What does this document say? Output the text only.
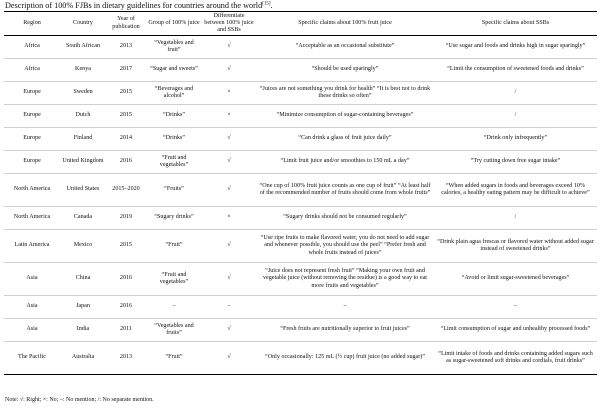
Description of 100% FJBs in dietary guidelines for countries around the world[15].
Region	Country	Year of publication	Group of 100% juice	Differentiate between 100% juice and SSBs	Specific claims about 100% fruit juice	Specific claims about SSBs
Africa	South African	2013	“Vegetables and fruit”	√	“Acceptable as an occasional substitute”	“Use sugar and foods and drinks high in sugar sparingly”
Africa	Kenya	2017	“Sugar and sweets”	√	“Should be used sparingly”	“Limit the consumption of sweetened foods and drinks”
Europe	Sweden	2015	“Beverages and alcohol”	×	“Juices are not something you drink for health” “It is best not to drink these drinks so often”	/
Europe	Dutch	2015	“Drinks”	×	“Minimize consumption of sugar-containing beverages”	/
Europe	Finland	2014	“Drinks”	√	“Can drink a glass of fruit juice daily”	“Drink only infrequently”
Europe	United Kingdom	2016	“Fruit and vegetables”	√	“Limit fruit juice and/or smoothies to 150 mL a day”	“Try cutting down free sugar intake”
North America	United States	2015–2020	“Fruits”	√	“One cup of 100% fruit juice counts as one cup of fruit” “At least half of the recommended number of fruits should come from whole fruits”	“When added sugars in foods and beverages exceed 10% calories, a healthy eating pattern may be difficult to achieve”
North America	Canada	2019	“Sugary drinks”	×	“Sugary drinks should not be consumed regularly”	/
Latin America	Mexico	2015	“Fruit”	√	“Use ripe fruits to make flavored water, you do not need to add sugar and whenever possible, you should use the peel” “Prefer fresh and whole fruits instead of juices”	“Drink plain agua frescas or flavored water without added sugar instead of sweetened drinks”
Asia	China	2016	“Fruit and vegetables”	√	“Juice does not represent fresh fruit” “Making your own fruit and vegetable juice (without removing the residue) is a good way to eat more fruits and vegetables”	“Avoid or limit sugar-sweetened beverages”
Asia	Japan	2016	–	–	–	–
Asia	India	2011	“Vegetables and fruits”	√	“Fresh fruits are nutritionally superior to fruit juices”	“Limit consumption of sugar and unhealthy processed foods”
The Pacific	Australia	2013	“Fruit”	√	“Only occasionally: 125 mL (½ cup) fruit juice (no added sugar)”	“Limit intake of foods and drinks containing added sugars such as sugar-sweetened soft drinks and cordials, fruit drinks”
Note: √: Right; ×: No; –: No mention; /: No separate mention.
